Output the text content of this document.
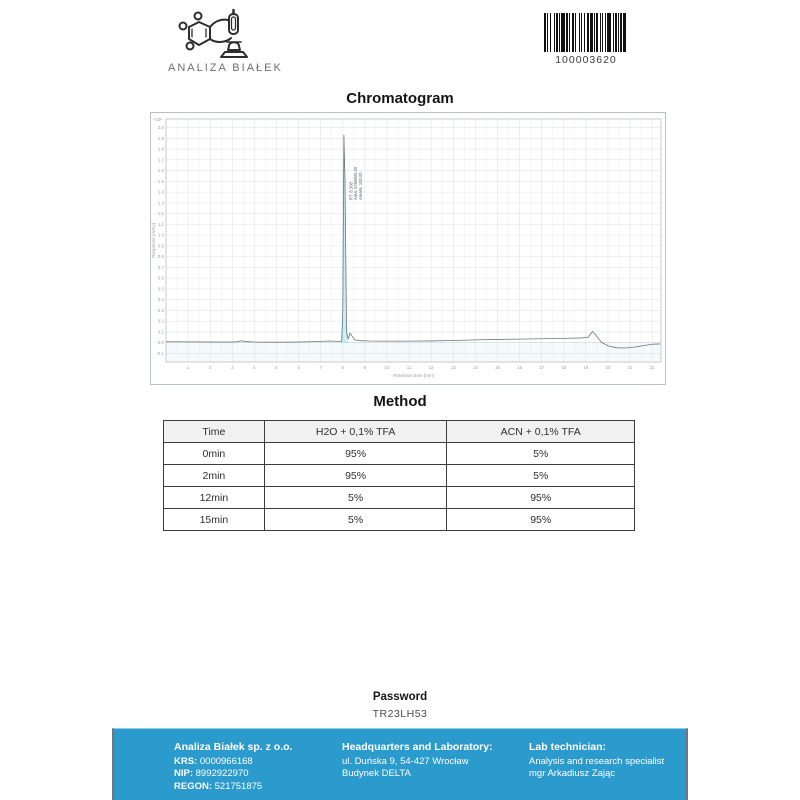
ANALIZA BIAŁEK
100003620
Chromatogram
-0.1
0.0
0.1
0.2
0.3
0.4
0.5
0.6
0.7
0.8
0.9
1.0
1.1
1.2
1.3
1.4
1.5
1.6
1.7
1.8
1.9
2.0
1	2	3	4	5	6	7	8	9	10	11	12	13	14	15	16	17	18	19	20	21	22
RT: 8.308 Area: 6269845.00 Area%: 100.00
×10³
Retention time [min]
Response [mAU]
Method
Time	H2O + 0,1% TFA	ACN + 0,1% TFA
0min	95%	5%
2min	95%	5%
12min	5%	95%
15min	5%	95%
Password
TR23LH53
Analiza Białek sp. z o.o.
KRS: 0000966168
NIP: 8992922970
REGON: 521751875
Headquarters and Laboratory:
ul. Duńska 9, 54-427 Wrocław
Budynek DELTA
Lab technician:
Analysis and research specialist
mgr Arkadiusz Zając
